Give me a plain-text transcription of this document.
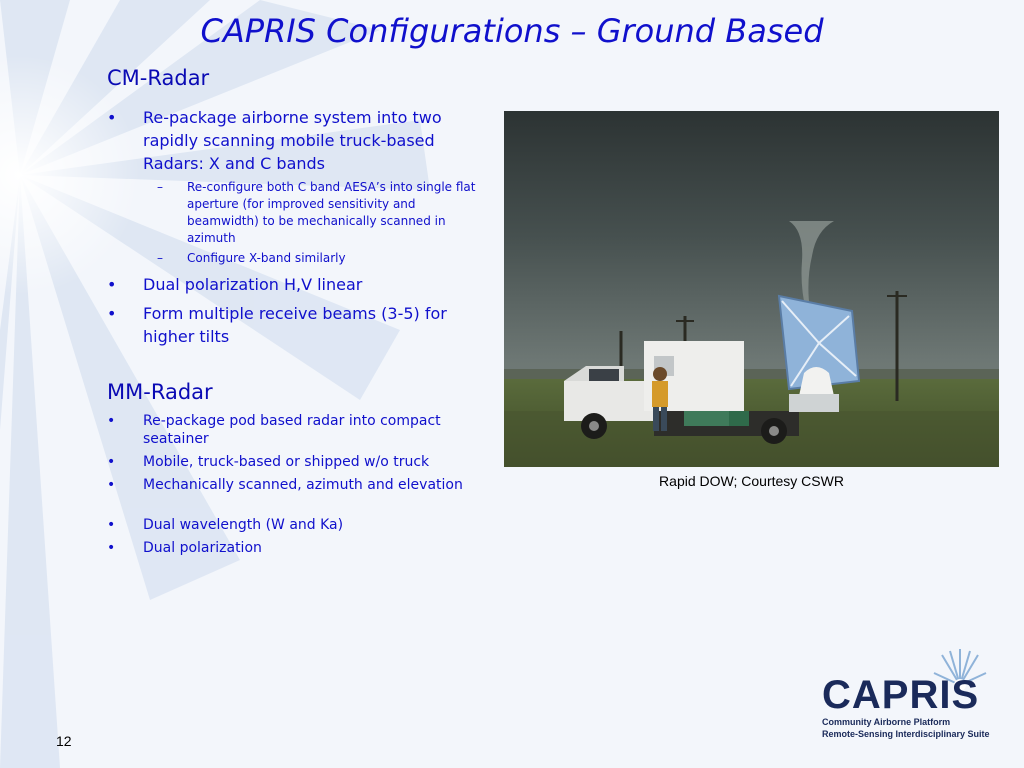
CAPRIS Configurations – Ground Based
CM-Radar
• Re-package airborne system into two rapidly scanning mobile truck-based Radars: X and C bands
– Re-configure both C band AESA’s into single flat aperture (for improved sensitivity and beamwidth) to be mechanically scanned in azimuth
– Configure X-band similarly
• Dual polarization H,V linear
• Form multiple receive beams (3-5) for higher tilts
MM-Radar
• Re-package pod based radar into compact seatainer
• Mobile, truck-based or shipped w/o truck
• Mechanically scanned, azimuth and elevation
• Dual wavelength (W and Ka)
• Dual polarization
Rapid DOW; Courtesy CSWR
12
CAPRIS
Community Airborne Platform
Remote-Sensing Interdisciplinary Suite
